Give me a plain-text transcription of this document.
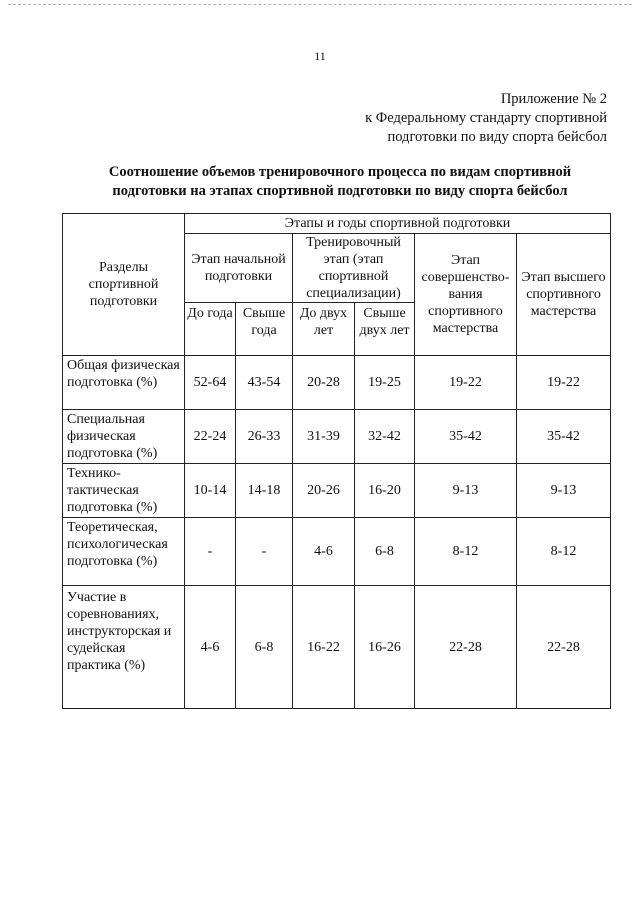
11
Приложение № 2
к Федеральному стандарту спортивной
подготовки по виду спорта бейсбол
Соотношение объемов тренировочного процесса по видам спортивной
подготовки на этапах спортивной подготовки по виду спорта бейсбол
Разделы спортивной подготовки	Этапы и годы спортивной подготовки					
	Этап начальной подготовки		Тренировочный этап (этап спортивной специализации)		Этап совершенство-вания спортивного мастерства	Этап высшего спортивного мастерства
	До года	Свыше года	До двух лет	Свыше двух лет		
Общая физическая подготовка (%)	52-64	43-54	20-28	19-25	19-22	19-22
Специальная физическая подготовка (%)	22-24	26-33	31-39	32-42	35-42	35-42
Технико-тактическая подготовка (%)	10-14	14-18	20-26	16-20	9-13	9-13
Теоретическая, психологическая подготовка (%)	-	-	4-6	6-8	8-12	8-12
Участие в соревнованиях, инструкторская и судейская практика (%)	4-6	6-8	16-22	16-26	22-28	22-28
